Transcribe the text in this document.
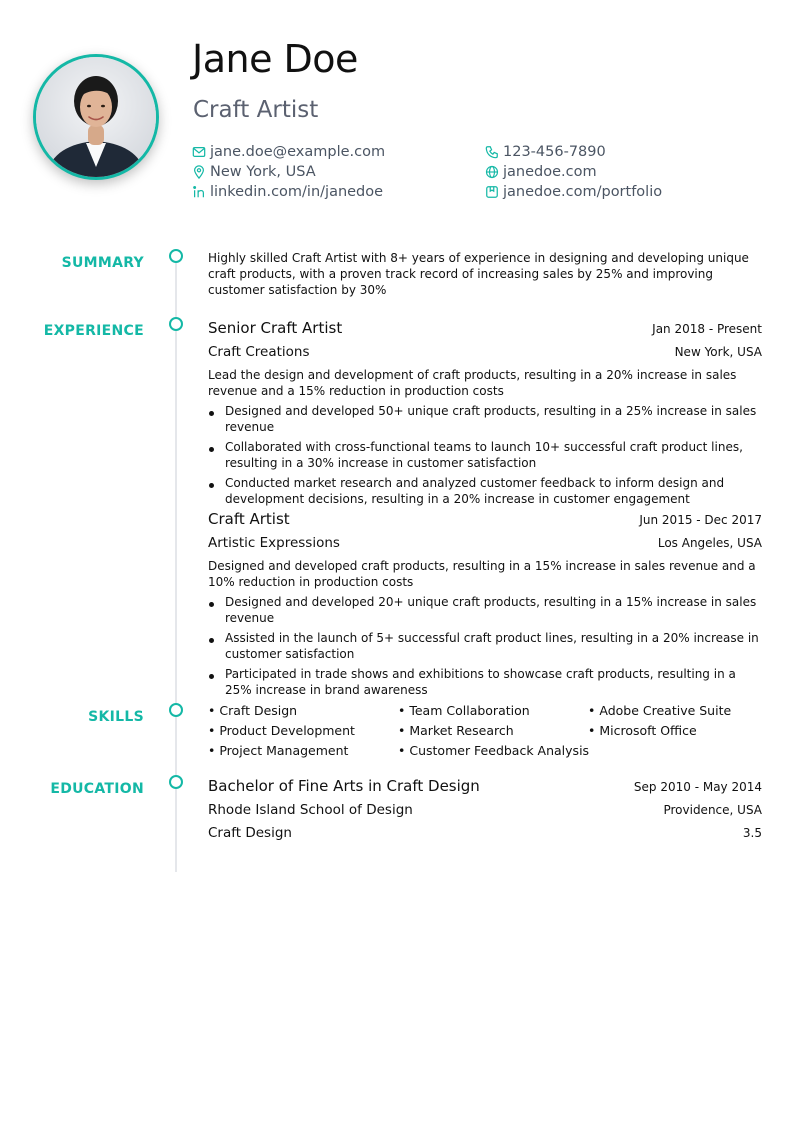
Jane Doe
Craft Artist
jane.doe@example.com
New York, USA
linkedin.com/in/janedoe
123-456-7890
janedoe.com
janedoe.com/portfolio
SUMMARY	Highly skilled Craft Artist with 8+ years of experience in designing and developing unique craft products, with a proven track record of increasing sales by 25% and improving customer satisfaction by 30%

EXPERIENCE	Senior Craft Artist	Jan 2018 - Present
Craft Creations	New York, USA

Lead the design and development of craft products, resulting in a 20% increase in sales revenue and a 15% reduction in production costs

Designed and developed 50+ unique craft products, resulting in a 25% increase in sales revenue
Collaborated with cross-functional teams to launch 10+ successful craft product lines, resulting in a 30% increase in customer satisfaction
Conducted market research and analyzed customer feedback to inform design and development decisions, resulting in a 20% increase in customer engagement
Craft Artist	Jun 2015 - Dec 2017
Artistic Expressions	Los Angeles, USA

Designed and developed craft products, resulting in a 15% increase in sales revenue and a 10% reduction in production costs

Designed and developed 20+ unique craft products, resulting in a 15% increase in sales revenue
Assisted in the launch of 5+ successful craft product lines, resulting in a 20% increase in customer satisfaction
Participated in trade shows and exhibitions to showcase craft products, resulting in a 25% increase in brand awareness
SKILLS	• Craft Design	• Team Collaboration	• Adobe Creative Suite
• Product Development	• Market Research	• Microsoft Office
• Project Management	• Customer Feedback Analysis
EDUCATION	Bachelor of Fine Arts in Craft Design	Sep 2010 - May 2014
Rhode Island School of Design	Providence, USA
Craft Design	3.5
